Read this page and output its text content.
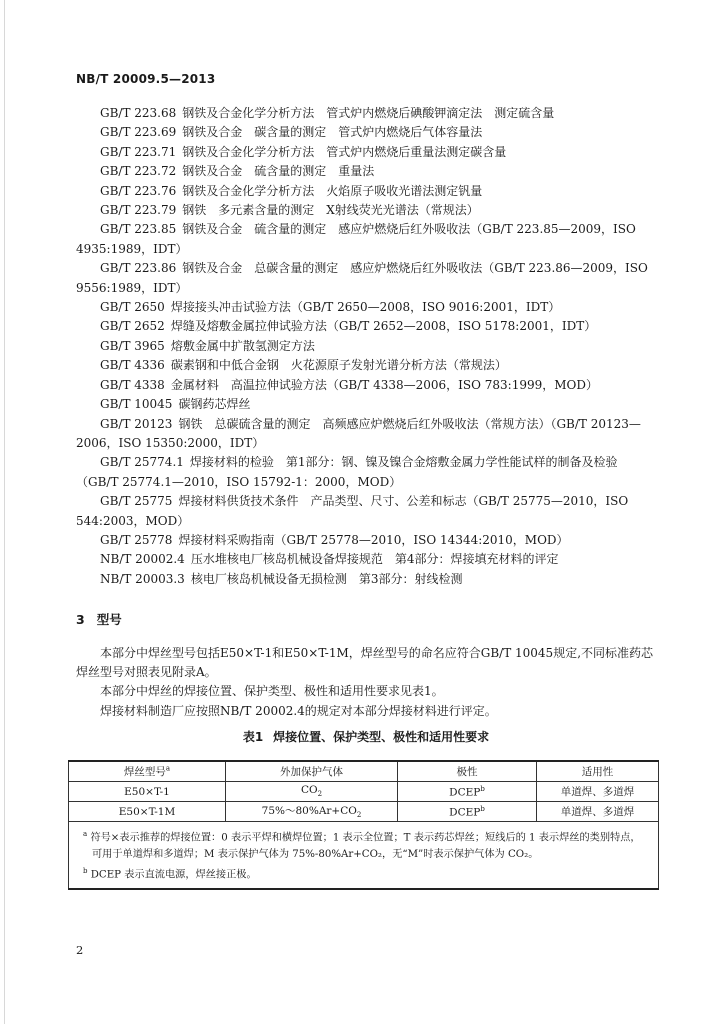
NB/T 20009.5—2013
GB/T 223.68 钢铁及合金化学分析方法　管式炉内燃烧后碘酸钾滴定法　测定硫含量
GB/T 223.69 钢铁及合金　碳含量的测定　管式炉内燃烧后气体容量法
GB/T 223.71 钢铁及合金化学分析方法　管式炉内燃烧后重量法测定碳含量
GB/T 223.72 钢铁及合金　硫含量的测定　重量法
GB/T 223.76 钢铁及合金化学分析方法　火焰原子吸收光谱法测定钒量
GB/T 223.79 钢铁　多元素含量的测定　X射线荧光光谱法（常规法）
GB/T 223.85 钢铁及合金　硫含量的测定　感应炉燃烧后红外吸收法（GB/T 223.85—2009，ISO 4935:1989，IDT）
GB/T 223.86 钢铁及合金　总碳含量的测定　感应炉燃烧后红外吸收法（GB/T 223.86—2009，ISO 9556:1989，IDT）
GB/T 2650 焊接接头冲击试验方法（GB/T 2650—2008，ISO 9016:2001，IDT）
GB/T 2652 焊缝及熔敷金属拉伸试验方法（GB/T 2652—2008，ISO 5178:2001，IDT）
GB/T 3965 熔敷金属中扩散氢测定方法
GB/T 4336 碳素钢和中低合金钢　火花源原子发射光谱分析方法（常规法）
GB/T 4338 金属材料　高温拉伸试验方法（GB/T 4338—2006，ISO 783:1999，MOD）
GB/T 10045 碳钢药芯焊丝
GB/T 20123 钢铁　总碳硫含量的测定　高频感应炉燃烧后红外吸收法（常规方法）（GB/T 20123—2006，ISO 15350:2000，IDT）
GB/T 25774.1 焊接材料的检验　第1部分：钢、镍及镍合金熔敷金属力学性能试样的制备及检验（GB/T 25774.1—2010，ISO 15792-1：2000，MOD）
GB/T 25775 焊接材料供货技术条件　产品类型、尺寸、公差和标志（GB/T 25775—2010，ISO 544:2003，MOD）
GB/T 25778 焊接材料采购指南（GB/T 25778—2010，ISO 14344:2010，MOD）
NB/T 20002.4 压水堆核电厂核岛机械设备焊接规范　第4部分：焊接填充材料的评定
NB/T 20003.3 核电厂核岛机械设备无损检测　第3部分：射线检测
3 型号
本部分中焊丝型号包括E50×T-1和E50×T-1M，焊丝型号的命名应符合GB/T 10045规定,不同标准药芯焊丝型号对照表见附录A。
本部分中焊丝的焊接位置、保护类型、极性和适用性要求见表1。
焊接材料制造厂应按照NB/T 20002.4的规定对本部分焊接材料进行评定。
表1 焊接位置、保护类型、极性和适用性要求
焊丝型号$^a$	外加保护气体	极性	适用性
E50×T-1	$CO_2$	DCEP$^b$	单道焊、多道焊
E50×T-1M	$75\%\sim 80\%Ar+CO_2$	DCEP$^b$	单道焊、多道焊

$^a$ 符号×表示推荐的焊接位置：0 表示平焊和横焊位置；1 表示全位置；T 表示药芯焊丝；短线后的 1 表示焊丝的类别特点，可用于单道焊和多道焊；M 表示保护气体为 75%-80%Ar+CO₂，无“M”时表示保护气体为 CO₂。
$^b$ DCEP 表示直流电源，焊丝接正极。			
2
